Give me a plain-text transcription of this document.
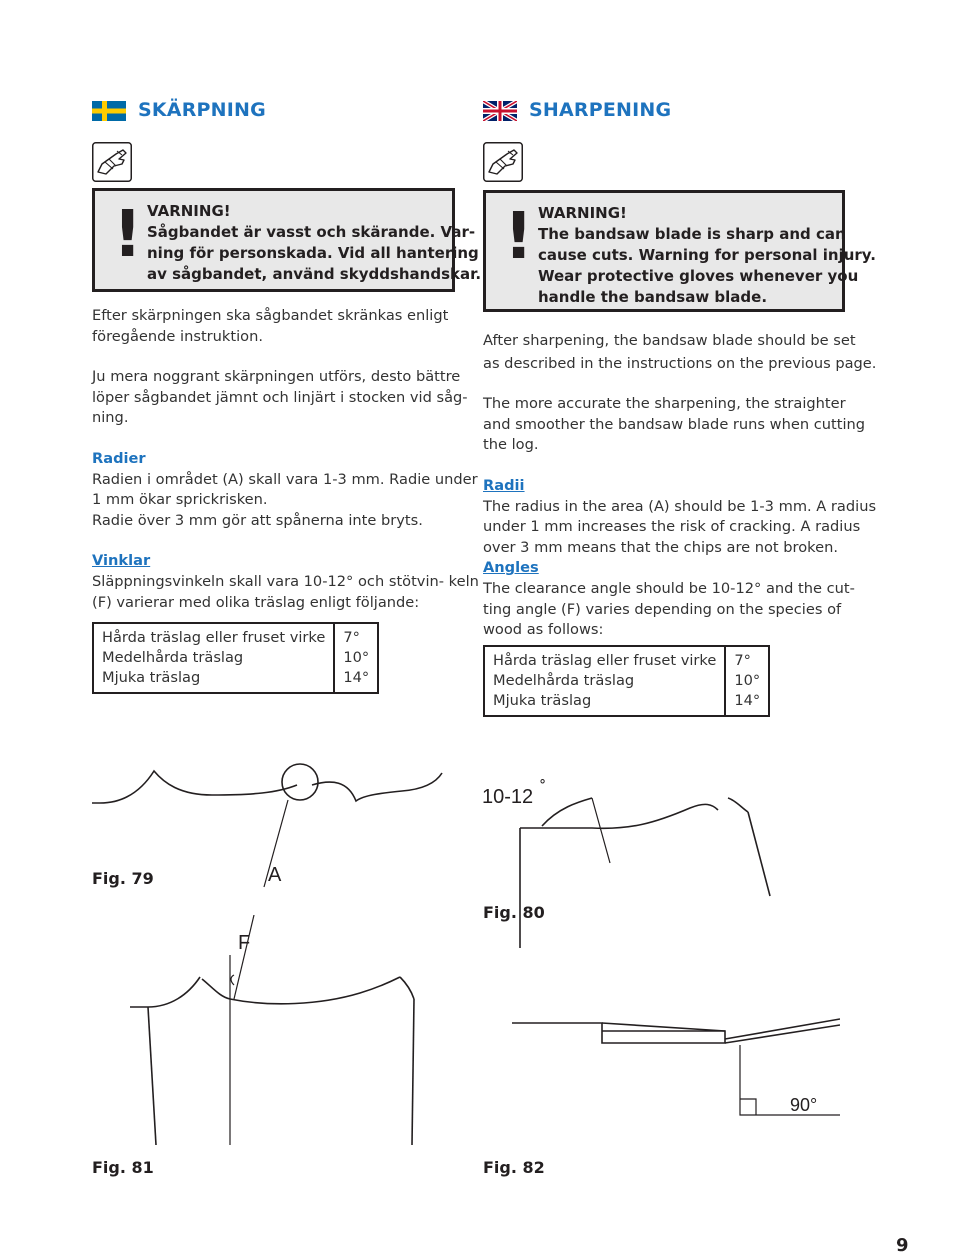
SKÄRPNING	SHARPENING
! VARNING!
Sågbandet är vasst och skärande. Var-
ning för personskada. Vid all hantering
av sågbandet, använd skyddshandskar. ! WARNING!
The bandsaw blade is sharp and can
cause cuts. Warning for personal injury.
Wear protective gloves whenever you
handle the bandsaw blade.
Efter skärpningen ska sågbandet skränkas enligt
föregående instruktion.
Ju mera noggrant skärpningen utförs, desto bättre
löper sågbandet jämnt och linjärt i stocken vid såg-
ning.
Radier
Radien i området (A) skall vara 1-3 mm. Radie under
1 mm ökar sprickrisken.
Radie över 3 mm gör att spånerna inte bryts.
Vinklar
Släppningsvinkeln skall vara 10-12° och stötvin- keln
(F) varierar med olika träslag enligt följande:
Hårda träslag eller fruset virke	7°
Medelhårda träslag	10°
Mjuka träslag	14°
After sharpening, the bandsaw blade should be set
as described in the instructions on the previous page.
The more accurate the sharpening, the straighter
and smoother the bandsaw blade runs when cutting
the log.
Radii
The radius in the area (A) should be 1-3 mm. A radius
under 1 mm increases the risk of cracking. A radius
over 3 mm means that the chips are not broken.
Angles
The clearance angle should be 10-12° and the cut-
ting angle (F) varies depending on the species of
wood as follows:
Hårda träslag eller fruset virke	7°
Medelhårda träslag	10°
Mjuka träslag	14°
Fig. 79	A
10-12 ˚
Fig. 80
F
Fig. 81
90°
Fig. 82
9
